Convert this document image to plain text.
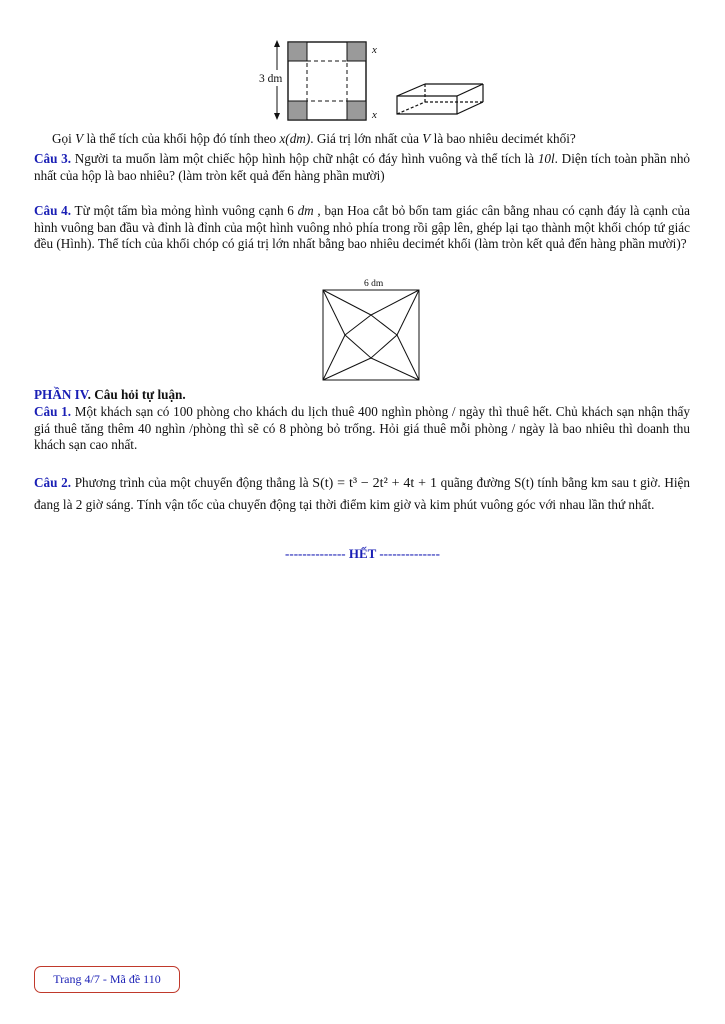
3 dm
x
x
Gọi V là thể tích của khối hộp đó tính theo x(dm). Giá trị lớn nhất của V là bao nhiêu decimét khối?
Câu 3. Người ta muốn làm một chiếc hộp hình hộp chữ nhật có đáy hình vuông và thể tích là 10l. Diện tích toàn phần nhỏ nhất của hộp là bao nhiêu? (làm tròn kết quả đến hàng phần mười)
Câu 4. Từ một tấm bìa mỏng hình vuông cạnh 6 dm , bạn Hoa cắt bỏ bốn tam giác cân bằng nhau có cạnh đáy là cạnh của hình vuông ban đầu và đỉnh là đỉnh của một hình vuông nhỏ phía trong rồi gập lên, ghép lại tạo thành một khối chóp tứ giác đều (Hình). Thể tích của khối chóp có giá trị lớn nhất bằng bao nhiêu decimét khối (làm tròn kết quả đến hàng phần mười)?
6 dm
PHẦN IV. Câu hỏi tự luận.
Câu 1. Một khách sạn có 100 phòng cho khách du lịch thuê 400 nghìn phòng / ngày thì thuê hết. Chủ khách sạn nhận thấy giá thuê tăng thêm 40 nghìn /phòng thì sẽ có 8 phòng bỏ trống. Hỏi giá thuê mỗi phòng / ngày là bao nhiêu thì doanh thu khách sạn cao nhất.
Câu 2. Phương trình của một chuyển động thẳng là S(t) = t³ − 2t² + 4t + 1 quãng đường S(t) tính bằng km sau t giờ. Hiện đang là 2 giờ sáng. Tính vận tốc của chuyển động tại thời điểm kim giờ và kim phút vuông góc với nhau lần thứ nhất.
-------------- HẾT --------------
Trang 4/7 - Mã đề 110
